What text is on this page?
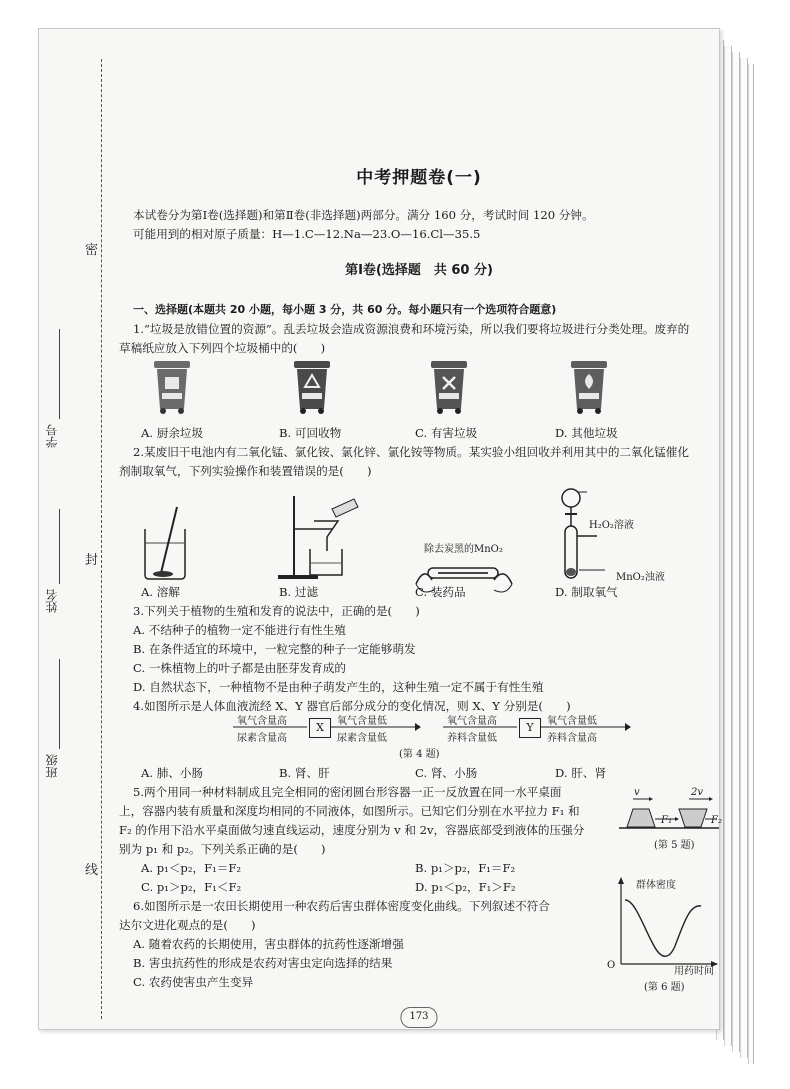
密
封
线
学号
姓名
班级
中考押题卷(一)
本试卷分为第Ⅰ卷(选择题)和第Ⅱ卷(非选择题)两部分。满分 160 分，考试时间 120 分钟。
可能用到的相对原子质量：H—1.C—12.Na—23.O—16.Cl—35.5
第Ⅰ卷(选择题　共 60 分)
一、选择题(本题共 20 小题，每小题 3 分，共 60 分。每小题只有一个选项符合题意)
1.“垃圾是放错位置的资源”。乱丢垃圾会造成资源浪费和环境污染，所以我们要将垃圾进行分类处理。废弃的
草稿纸应放入下列四个垃圾桶中的(　　)
A. 厨余垃圾	B. 可回收物	C. 有害垃圾	D. 其他垃圾
2.某废旧干电池内有二氧化锰、氯化铵、氯化锌、氯化铵等物质。某实验小组回收并利用其中的二氧化锰催化
剂制取氧气，下列实验操作和装置错误的是(　　)
除去炭黑的MnO₂
H₂O₂溶液
MnO₂浊液
A. 溶解	B. 过滤	C. 装药品	D. 制取氧气
3.下列关于植物的生殖和发育的说法中，正确的是(　　)
A. 不结种子的植物一定不能进行有性生殖
B. 在条件适宜的环境中，一粒完整的种子一定能够萌发
C. 一株植物上的叶子都是由胚芽发育成的
D. 自然状态下，一种植物不是由种子萌发产生的，这种生殖一定不属于有性生殖
4.如图所示是人体血液流经 X、Y 器官后部分成分的变化情况，则 X、Y 分别是(　　)
氧气含量高
尿素含量高
X	氧气含量低
尿素含量低
氧气含量高
养料含量低
Y	氧气含量低
养料含量高
(第 4 题)
A. 肺、小肠	B. 肾、肝	C. 肾、小肠	D. 肝、肾
5.两个用同一种材料制成且完全相同的密闭圆台形容器一正一反放置在同一水平桌面
上，容器内装有质量和深度均相同的不同液体，如图所示。已知它们分别在水平拉力 F₁ 和
F₂ 的作用下沿水平桌面做匀速直线运动，速度分别为 v 和 2v，容器底部受到液体的压强分
别为 p₁ 和 p₂。下列关系正确的是(　　)
v	2v
F₁	F₂
(第 5 题)
A. p₁＜p₂，F₁＝F₂	B. p₁＞p₂，F₁＝F₂
C. p₁＞p₂，F₁＜F₂	D. p₁＜p₂，F₁＞F₂
6.如图所示是一农田长期使用一种农药后害虫群体密度变化曲线。下列叙述不符合
达尔文进化观点的是(　　)
A. 随着农药的长期使用，害虫群体的抗药性逐渐增强
B. 害虫抗药性的形成是农药对害虫定向选择的结果
C. 农药使害虫产生变异
群体密度
O
用药时间
(第 6 题)
173
